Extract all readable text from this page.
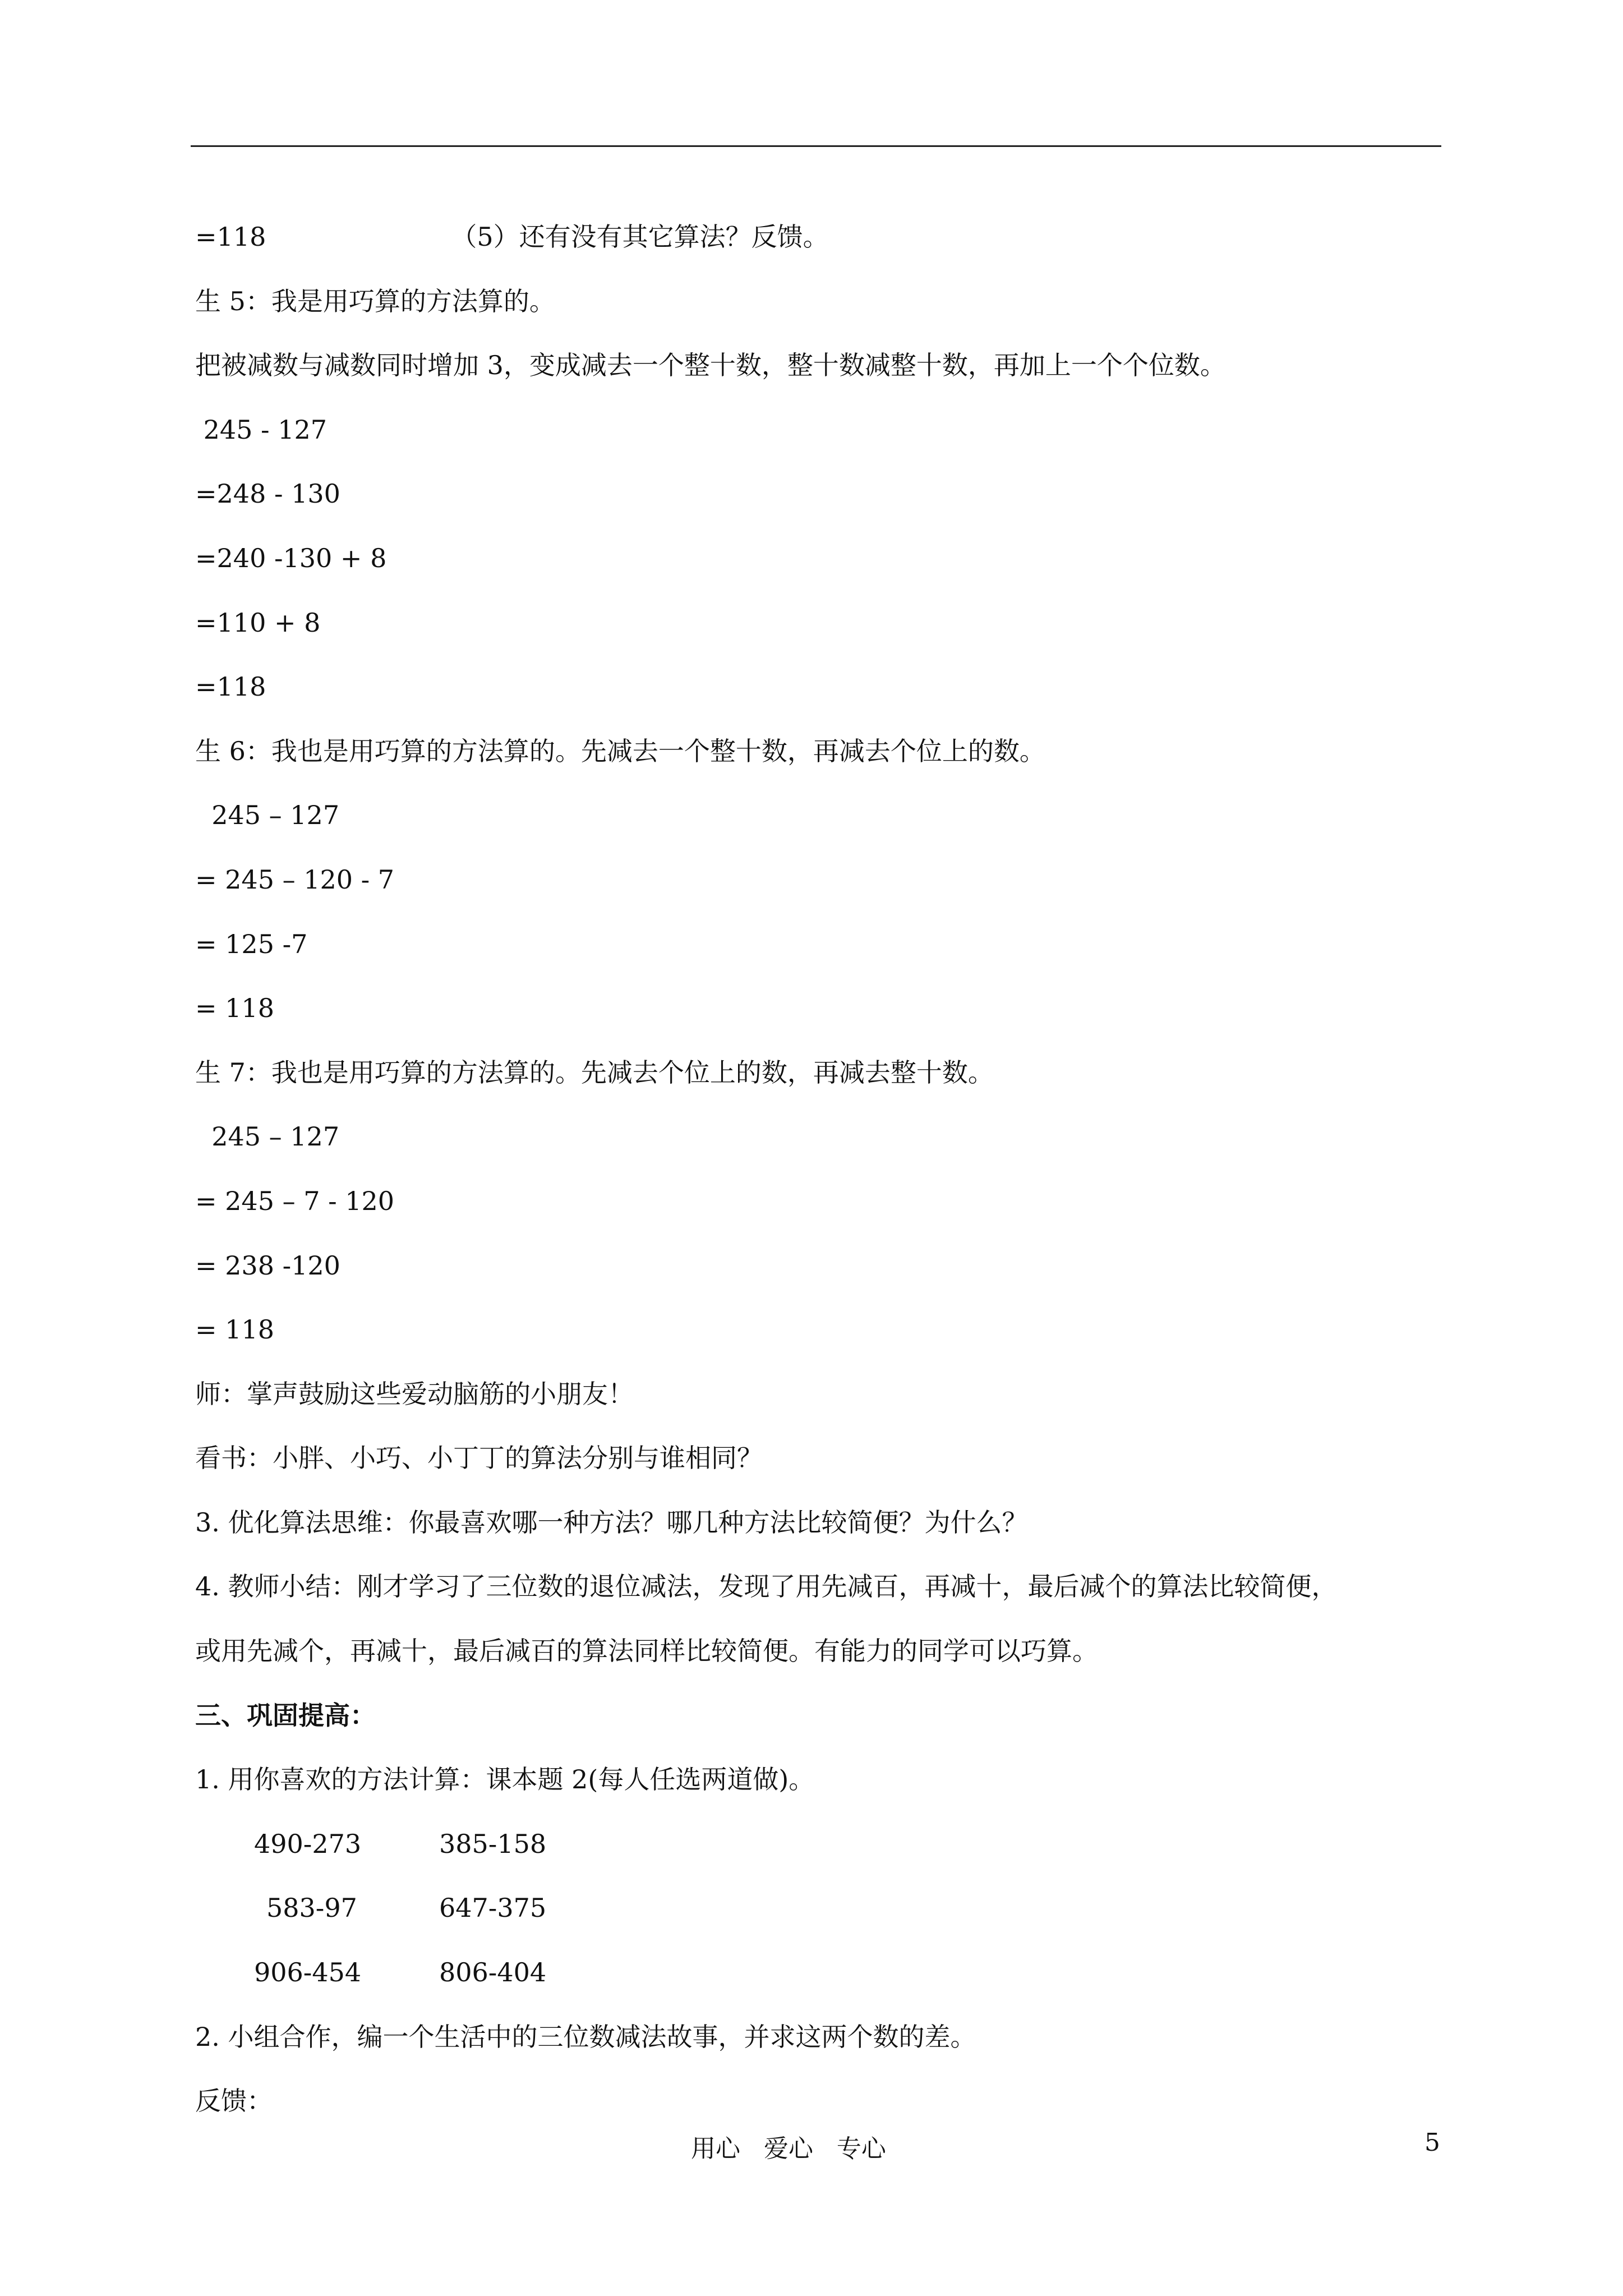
=118	（5）还有没有其它算法？反馈。
生 5：我是用巧算的方法算的。
把被减数与减数同时增加 3，变成减去一个整十数，整十数减整十数，再加上一个个位数。
245 - 127
=248 - 130
=240 -130 + 8
=110 + 8
=118
生 6：我也是用巧算的方法算的。先减去一个整十数，再减去个位上的数。
245 – 127
= 245 – 120 - 7
= 125 -7
= 118
生 7：我也是用巧算的方法算的。先减去个位上的数，再减去整十数。
245 – 127
= 245 – 7 - 120
= 238 -120
= 118
师：掌声鼓励这些爱动脑筋的小朋友！
看书：小胖、小巧、小丁丁的算法分别与谁相同？
3. 优化算法思维：你最喜欢哪一种方法？哪几种方法比较简便？为什么？
4. 教师小结：刚才学习了三位数的退位减法，发现了用先减百，再减十，最后减个的算法比较简便，
或用先减个，再减十，最后减百的算法同样比较简便。有能力的同学可以巧算。
三、巩固提高：
1. 用你喜欢的方法计算：课本题 2(每人任选两道做)。
490-273	385-158
583-97	647-375
906-454	806-404
2. 小组合作，编一个生活中的三位数减法故事，并求这两个数的差。
反馈：
用心   爱心   专心	5
